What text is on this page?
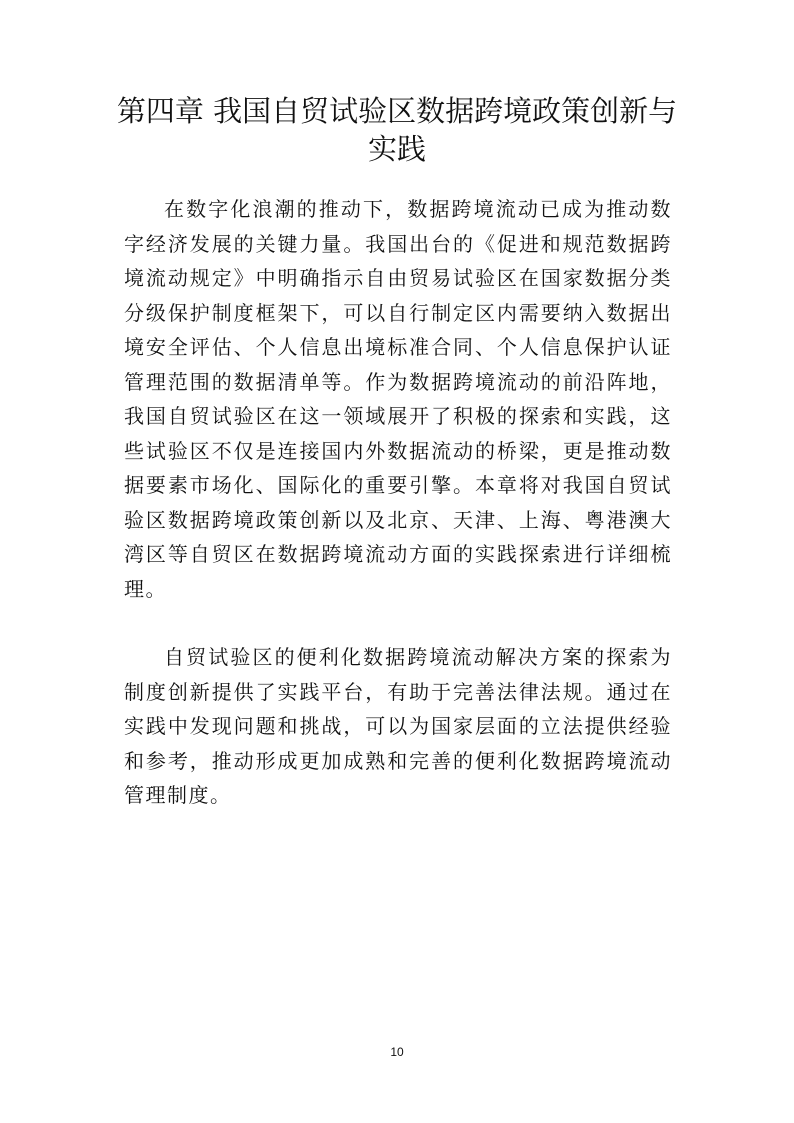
第四章 我国自贸试验区数据跨境政策创新与实践

在数字化浪潮的推动下，数据跨境流动已成为推动数字经济发展的关键力量。我国出台的《促进和规范数据跨境流动规定》中明确指示自由贸易试验区在国家数据分类分级保护制度框架下，可以自行制定区内需要纳入数据出境安全评估、个人信息出境标准合同、个人信息保护认证管理范围的数据清单等。作为数据跨境流动的前沿阵地，我国自贸试验区在这一领域展开了积极的探索和实践，这些试验区不仅是连接国内外数据流动的桥梁，更是推动数据要素市场化、国际化的重要引擎。本章将对我国自贸试验区数据跨境政策创新以及北京、天津、上海、粤港澳大湾区等自贸区在数据跨境流动方面的实践探索进行详细梳理。

自贸试验区的便利化数据跨境流动解决方案的探索为制度创新提供了实践平台，有助于完善法律法规。通过在实践中发现问题和挑战，可以为国家层面的立法提供经验和参考，推动形成更加成熟和完善的便利化数据跨境流动管理制度。

10
